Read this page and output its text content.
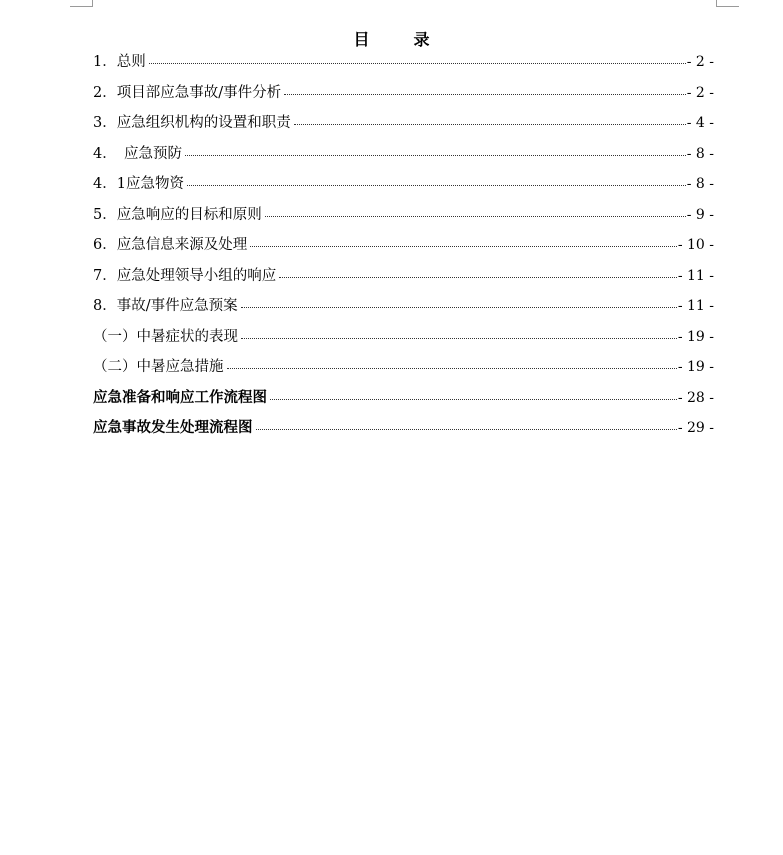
目　录
1．总则	- 2 -
2．项目部应急事故/事件分析	- 2 -
3．应急组织机构的设置和职责	- 4 -
4．　应急预防	- 8 -
4．1应急物资	- 8 -
5．应急响应的目标和原则	- 9 -
6．应急信息来源及处理	- 10 -
7．应急处理领导小组的响应	- 11 -
8．事故/事件应急预案	- 11 -
（一）中暑症状的表现	- 19 -
（二）中暑应急措施	- 19 -
应急准备和响应工作流程图	- 28 -
应急事故发生处理流程图	- 29 -
